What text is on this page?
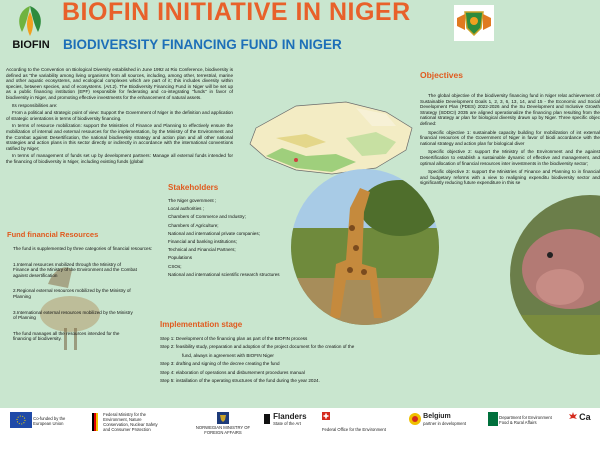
BIOFIN
BIOFIN INITIATIVE IN NIGER
BIODIVERSITY FINANCING FUND IN NIGER
According to the Convention on Biological Diversity established in June 1992 at Rio Conference, biodiversity is defined as "the variability among living organisms from all sources, including, among other, terrestrial, marine and other aquatic ecosystems, and ecological complexes which are part of it; this includes diversity within species, between species, and of ecosystems. (Art.2). The Biodiversity Financing Fund in Niger will be set up as a public financing institution (EPF) responsible for federating and co-integrating "funds" in favor of biodiversity in Niger, and promoting effective investments for the enhancement of natural assets.
Its responsibilities are:
From a political and strategic point of view: Support the Government of Niger in the definition and application of strategic orientations in terms of biodiversity financing.
In terms of resource mobilization: support the Ministries of Finance and Planning to effectively ensure the mobilization of internal and external resources for the implementation, by the Ministry of the Environment and the Combat against Desertification, the national biodiversity strategy and action plan and all other national strategies and action plans in this sector directly or indirectly in accordance with the international conventions ratified by Niger;
In terms of management of funds set up by development partners: Manage all external funds intended for the financing of biodiversity in Niger, including existing funds (global
Objectives
The global objective of the biodiversity financing fund in Niger relat achievement of Sustainable Development Goals 1, 2, 3, 6, 13, 14, and 15 - the Economic and Social Development Plan (PDES) 2022-2026 and the Su Development and Inclusive Growth Strategy (SDDCI) 2035 are aligned operationalize the financing plan resulting from the national strategy ar plan for biological diversity drawn up by Niger. Three specific objec defined:
Specific objective 1: sustainable capacity building for mobilization of int external financial resources of the Government of Niger in favor of biodi accordance with the national strategy and action plan for biological diver
Specific objective 2: support the Ministry of the Environment and the against Desertification to establish a sustainable dynamic of effective and management, and optimal allocation of financial resources inter investments in the biodiversity sector;
Specific objective 3: support the Ministries of Finance and Planning to in financial and budgetary reforms with a view to realigning expenditu biodiversity sector and significantly reducing future expenditure in this se
Fund financial Resources
The fund is supplemented by three categories of financial resources:
1.Internal resources mobilized through the Ministry of Finance and the Ministry of the Environment and the Combat against desertification
2.Regional external resources mobilized by the Ministry of Planning
3.International external resources mobilized by the Ministry of Planning
The fund manages all the resources intended for the financing of biodiversity.
Stakeholders
The Niger government ;
Local authorities ;
Chambers of Commerce and Industry;
Chambers of Agriculture;
National and international private companies;
Financial and banking institutions;
Technical and Financial Partners;
Populations
CSOs;
National and international scientific research structures
Implementation stage
Step 1: Development of the financing plan as part of the BIOFIN process
Step 2: feasibility study, preparation and adoption of the project document for the creation of the
fund, always in agreement with BIOFIN Niger
Step 3: drafting and signing of the decree creating the fund
Step 4: elaboration of operations and disbursement procedures manual
Step 5: installation of the operating structures of the fund during the year 2024.
Co-funded by the European Union
Federal Ministry for the Environment, Nature Conservation, Nuclear Safety and Consumer Protection	NORWEGIAN MINISTRY OF FOREIGN AFFAIRS

Flanders
State of the Art
Federal Office for the Environment

Belgium
partner in development
Department for Environment Food & Rural Affairs	Ca
